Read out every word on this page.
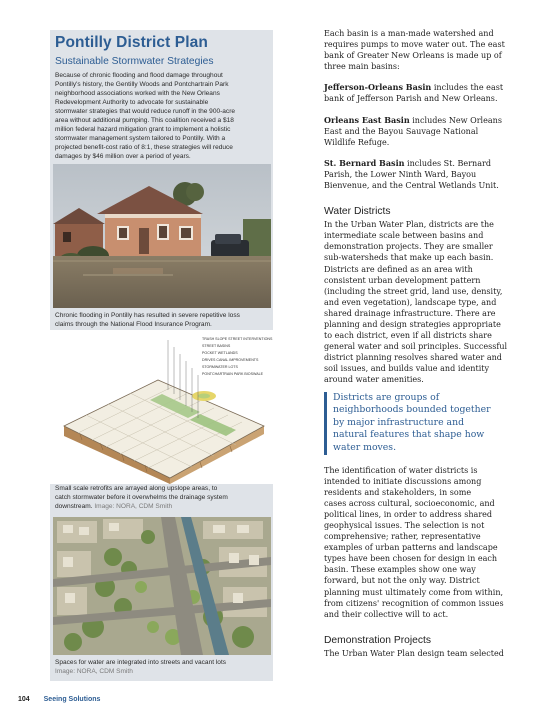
Pontilly District Plan
Sustainable Stormwater Strategies
Because of chronic flooding and flood damage throughout
Pontilly's history, the Gentilly Woods and Pontchartrain Park
neighborhood associations worked with the New Orleans
Redevelopment Authority to advocate for sustainable
stormwater strategies that would reduce runoff in the 900-acre
area without additional pumping. This coalition received a $18
million federal hazard mitigation grant to implement a holistic
stormwater management system tailored to Pontilly. With a
projected benefit-cost ratio of 8:1, these strategies will reduce
damages by $46 million over a period of years.
Chronic flooding in Pontilly has resulted in severe repetitive loss
claims through the National Flood Insurance Program.
TRASH SLOPE STREET INTERVENTIONS
STREET BASINS
POCKET WETLANDS
DRIVES CANAL IMPROVEMENTS
STORMWATER LOTS
PONTCHARTRAIN PARK BIOSWALE
Small scale retrofits are arrayed along upslope areas, to
catch stormwater before it overwhelms the drainage system
downstream. Image: NORA, CDM Smith
Spaces for water are integrated into streets and vacant lots
Image: NORA, CDM Smith
Each basin is a man-made watershed and
requires pumps to move water out. The east
bank of Greater New Orleans is made up of
three main basins:
Jefferson-Orleans Basin includes the east
bank of Jefferson Parish and New Orleans.
Orleans East Basin includes New Orleans
East and the Bayou Sauvage National
Wildlife Refuge.
St. Bernard Basin includes St. Bernard
Parish, the Lower Ninth Ward, Bayou
Bienvenue, and the Central Wetlands Unit.
Water Districts
In the Urban Water Plan, districts are the
intermediate scale between basins and
demonstration projects. They are smaller
sub-watersheds that make up each basin.
Districts are defined as an area with
consistent urban development pattern
(including the street grid, land use, density,
and even vegetation), landscape type, and
shared drainage infrastructure. There are
planning and design strategies appropriate
to each district, even if all districts share
general water and soil principles. Successful
district planning resolves shared water and
soil issues, and builds value and identity
around water amenities.
Districts are groups of
neighborhoods bounded together
by major infrastructure and
natural features that shape how
water moves.
The identification of water districts is
intended to initiate discussions among
residents and stakeholders, in some
cases across cultural, socioeconomic, and
political lines, in order to address shared
geophysical issues. The selection is not
comprehensive; rather, representative
examples of urban patterns and landscape
types have been chosen for design in each
basin. These examples show one way
forward, but not the only way. District
planning must ultimately come from within,
from citizens' recognition of common issues
and their collective will to act.
Demonstration Projects
The Urban Water Plan design team selected
104 Seeing Solutions
